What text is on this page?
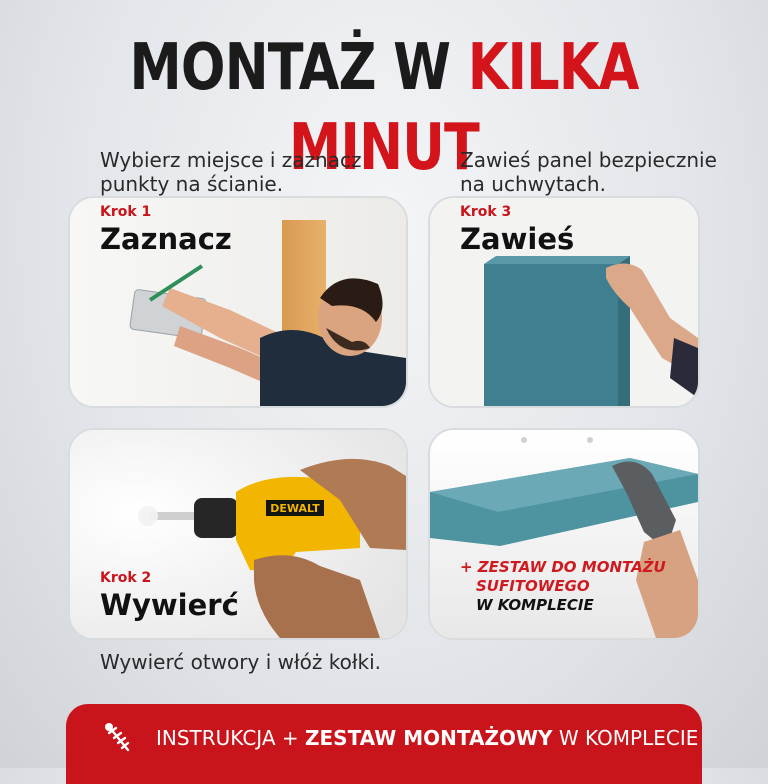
MONTAŻ W KILKA MINUT
Wybierz miejsce i zaznacz
punkty na ścianie.
Zawieś panel bezpiecznie
na uchwytach.
Wywierć otwory i włóż kołki.
Krok 1
Zaznacz
Krok 3
Zawieś
DEWALT
Krok 2
Wywierć
+ ZESTAW DO MONTAŻU
SUFITOWEGO
W KOMPLECIE
INSTRUKCJA + ZESTAW MONTAŻOWY W KOMPLECIE
